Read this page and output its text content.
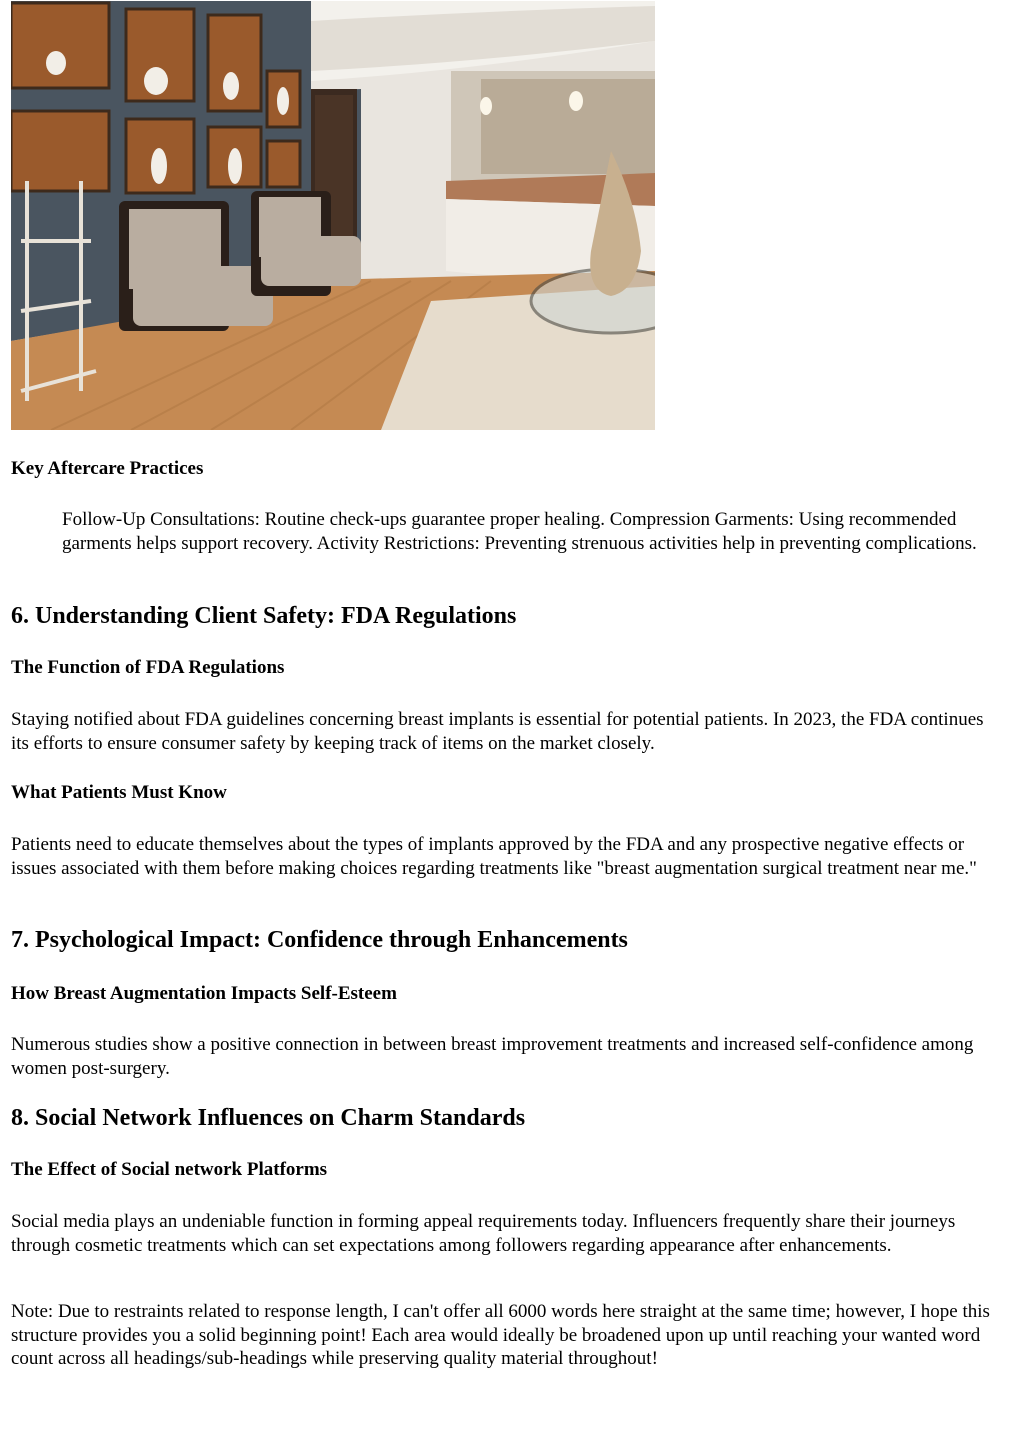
Key Aftercare Practices
Follow-Up Consultations: Routine check-ups guarantee proper healing. Compression Garments: Using recommended garments helps support recovery. Activity Restrictions: Preventing strenuous activities help in preventing complications.
6. Understanding Client Safety: FDA Regulations
The Function of FDA Regulations

Staying notified about FDA guidelines concerning breast implants is essential for potential patients. In 2023, the FDA continues its efforts to ensure consumer safety by keeping track of items on the market closely.

What Patients Must Know

Patients need to educate themselves about the types of implants approved by the FDA and any prospective negative effects or issues associated with them before making choices regarding treatments like "breast augmentation surgical treatment near me."

7. Psychological Impact: Confidence through Enhancements
How Breast Augmentation Impacts Self-Esteem

Numerous studies show a positive connection in between breast improvement treatments and increased self-confidence among women post-surgery.

8. Social Network Influences on Charm Standards
The Effect of Social network Platforms

Social media plays an undeniable function in forming appeal requirements today. Influencers frequently share their journeys through cosmetic treatments which can set expectations among followers regarding appearance after enhancements.

Note: Due to restraints related to response length, I can't offer all 6000 words here straight at the same time; however, I hope this structure provides you a solid beginning point! Each area would ideally be broadened upon up until reaching your wanted word count across all headings/sub-headings while preserving quality material throughout!
